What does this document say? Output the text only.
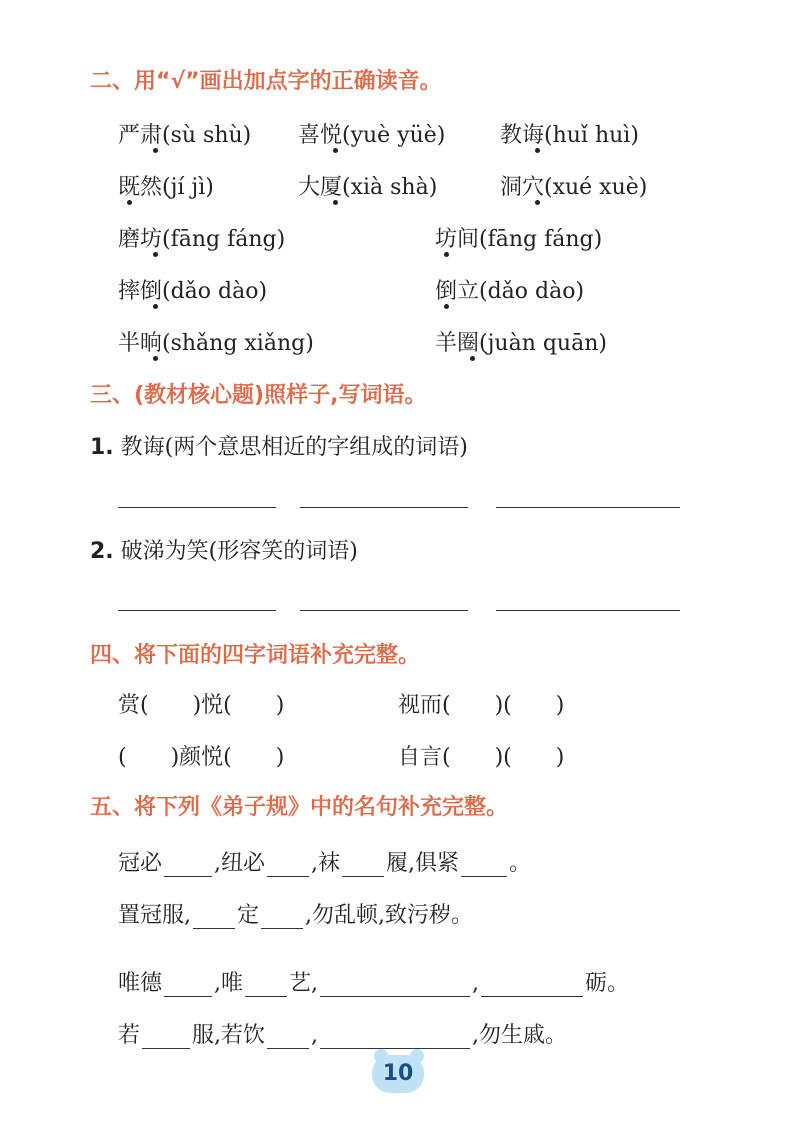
二、用“√”画出加点字的正确读音。
严肃(sù shù) 喜悦(yuè yüè) 教诲(huǐ huì)
既然(jí jì)	大厦(xià shà)	洞穴(xué xuè)
磨坊(fāng fáng)	坊间(fāng fáng)
摔倒(dǎo dào)	倒立(dǎo dào)
半晌(shǎng xiǎng)	羊圈(juàn quān)
三、(教材核心题)照样子,写词语。
1. 教诲(两个意思相近的字组成的词语)
2. 破涕为笑(形容笑的词语)
四、将下面的四字词语补充完整。
赏(　　)悦(　　)	视而(　　)(　　)
(　　)颜悦(　　)	自言(　　)(　　)
五、将下列《弟子规》中的名句补充完整。
冠必 ,纽必 ,袜 履,俱紧 。
置冠服, 定 ,勿乱顿,致污秽。
唯德 ,唯 艺,	,	砺。
若 服,若饮 ,	,勿生戚。
10
